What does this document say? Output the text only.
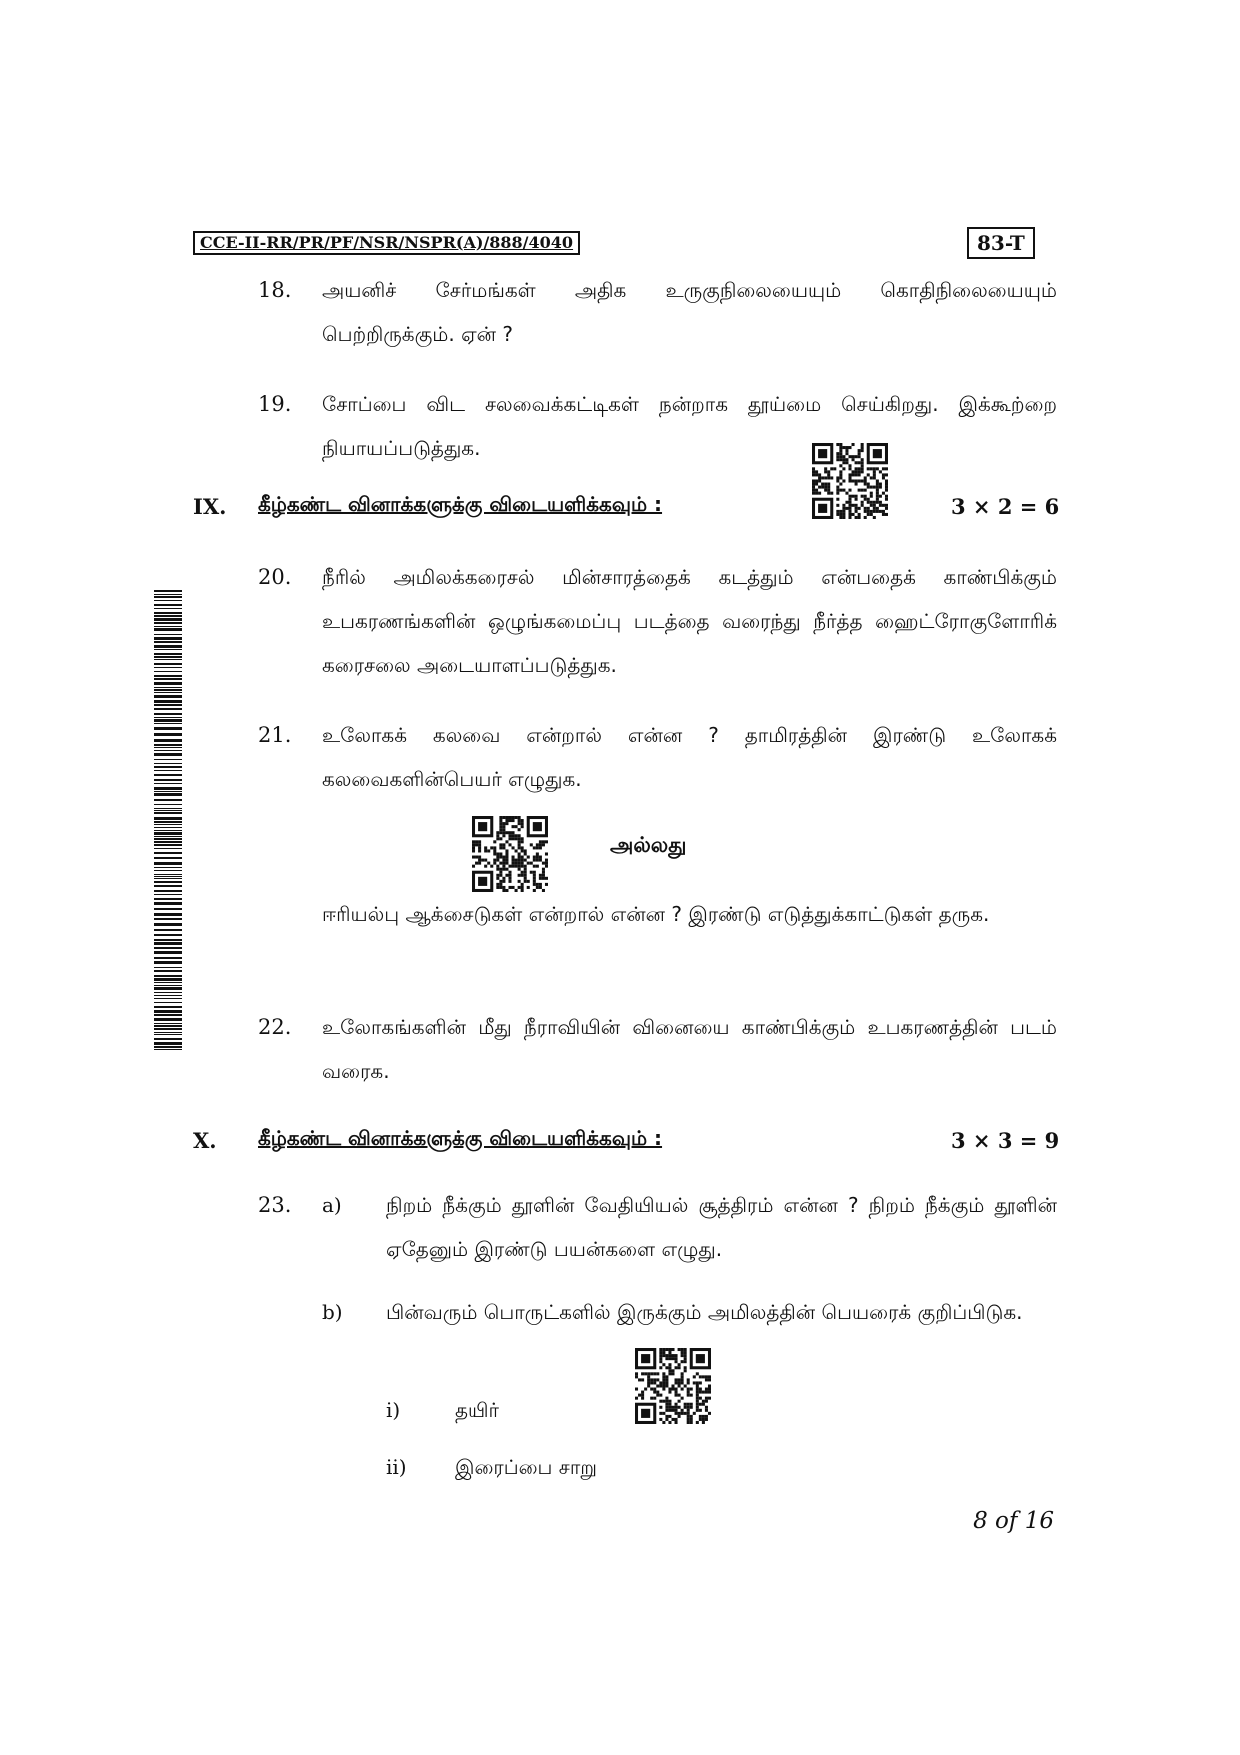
CCE-II-RR/PR/PF/NSR/NSPR(A)/888/4040	83-T
18. அயனிச் சேர்மங்கள் அதிக உருகுநிலையையும் கொதிநிலையையும் பெற்றிருக்கும். ஏன் ?
19. சோப்பை விட சலவைக்கட்டிகள் நன்றாக தூய்மை செய்கிறது. இக்கூற்றை நியாயப்படுத்துக.
IX. கீழ்கண்ட வினாக்களுக்கு விடையளிக்கவும் :	3 × 2 = 6
20. நீரில் அமிலக்கரைசல் மின்சாரத்தைக் கடத்தும் என்பதைக் காண்பிக்கும் உபகரணங்களின் ஒழுங்கமைப்பு படத்தை வரைந்து நீர்த்த ஹைட்ரோகுளோரிக் கரைசலை அடையாளப்படுத்துக.
21. உலோகக் கலவை என்றால் என்ன ? தாமிரத்தின் இரண்டு உலோகக் கலவைகளின்பெயர் எழுதுக.
அல்லது
ஈரியல்பு ஆக்சைடுகள் என்றால் என்ன ? இரண்டு எடுத்துக்காட்டுகள் தருக.
22. உலோகங்களின் மீது நீராவியின் வினையை காண்பிக்கும் உபகரணத்தின் படம் வரைக.
X. கீழ்கண்ட வினாக்களுக்கு விடையளிக்கவும் :	3 × 3 = 9
23. a) நிறம் நீக்கும் தூளின் வேதியியல் சூத்திரம் என்ன ? நிறம் நீக்கும் தூளின் ஏதேனும் இரண்டு பயன்களை எழுது.
b) பின்வரும் பொருட்களில் இருக்கும் அமிலத்தின் பெயரைக் குறிப்பிடுக.
i)	தயிர்
ii) இரைப்பை சாறு
8 of 16
